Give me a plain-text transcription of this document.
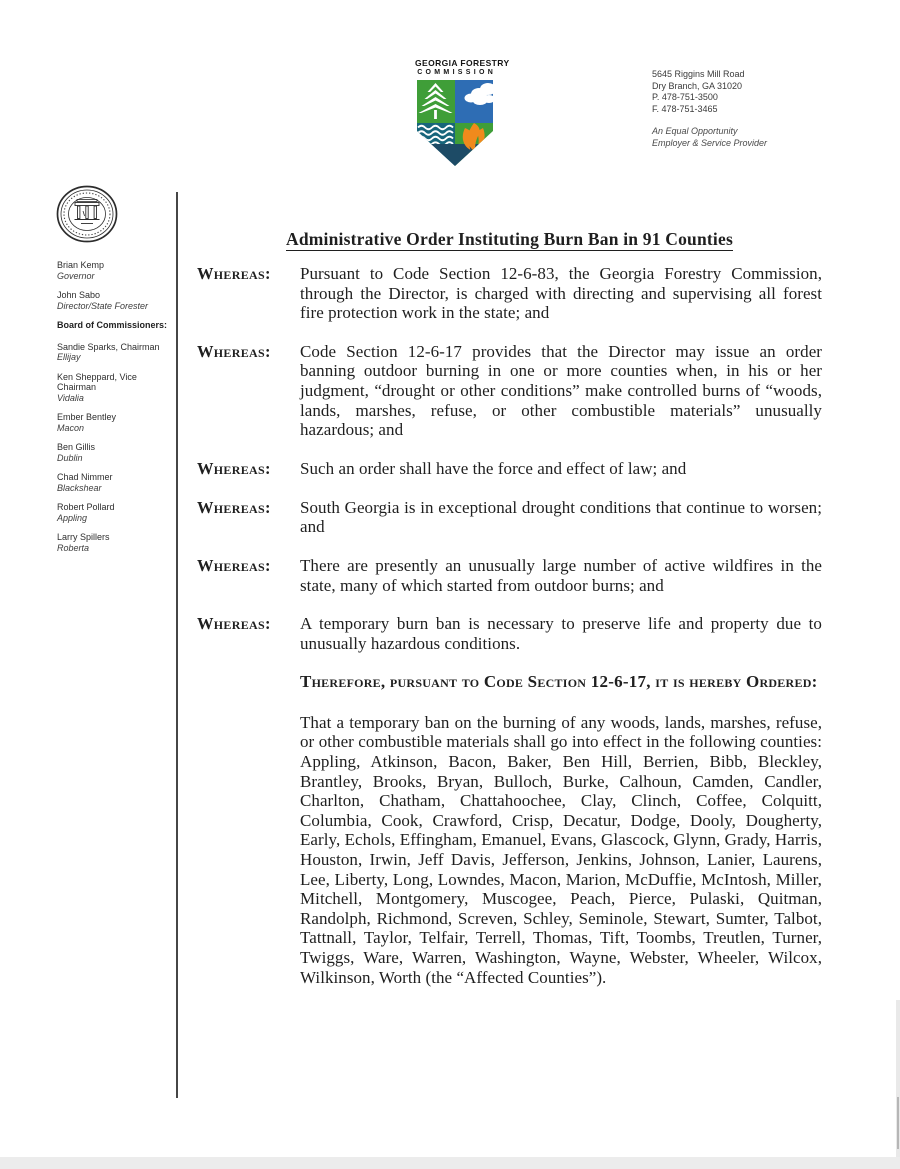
GEORGIA FORESTRY
COMMISSION	5645 Riggins Mill Road
Dry Branch, GA 31020
P. 478-751-3500
F. 478-751-3465
An Equal Opportunity
Employer & Service Provider
Brian Kemp
Governor
John Sabo
Director/State Forester
Board of Commissioners:
Sandie Sparks, Chairman
Ellijay
Ken Sheppard, Vice Chairman
Vidalia
Ember Bentley
Macon
Ben Gillis
Dublin
Chad Nimmer
Blackshear
Robert Pollard
Appling
Larry Spillers
Roberta
Administrative Order Instituting Burn Ban in 91 Counties
Whereas:	Pursuant to Code Section 12-6-83, the Georgia Forestry Commission, through the Director, is charged with directing and supervising all forest fire protection work in the state; and
Whereas:	Code Section 12-6-17 provides that the Director may issue an order banning outdoor burning in one or more counties when, in his or her judgment, “drought or other conditions” make controlled burns of “woods, lands, marshes, refuse, or other combustible materials” unusually hazardous; and
Whereas:	Such an order shall have the force and effect of law; and
Whereas:	South Georgia is in exceptional drought conditions that continue to worsen; and
Whereas:	There are presently an unusually large number of active wildfires in the state, many of which started from outdoor burns; and
Whereas:	A temporary burn ban is necessary to preserve life and property due to unusually hazardous conditions.
Therefore, pursuant to Code Section 12-6-17, it is hereby Ordered:
That a temporary ban on the burning of any woods, lands, marshes, refuse, or other combustible materials shall go into effect in the following counties: Appling, Atkinson, Bacon, Baker, Ben Hill, Berrien, Bibb, Bleckley, Brantley, Brooks, Bryan, Bulloch, Burke, Calhoun, Camden, Candler, Charlton, Chatham, Chattahoochee, Clay, Clinch, Coffee, Colquitt, Columbia, Cook, Crawford, Crisp, Decatur, Dodge, Dooly, Dougherty, Early, Echols, Effingham, Emanuel, Evans, Glascock, Glynn, Grady, Harris, Houston, Irwin, Jeff Davis, Jefferson, Jenkins, Johnson, Lanier, Laurens, Lee, Liberty, Long, Lowndes, Macon, Marion, McDuffie, McIntosh, Miller, Mitchell, Montgomery, Muscogee, Peach, Pierce, Pulaski, Quitman, Randolph, Richmond, Screven, Schley, Seminole, Stewart, Sumter, Talbot, Tattnall, Taylor, Telfair, Terrell, Thomas, Tift, Toombs, Treutlen, Turner, Twiggs, Ware, Warren, Washington, Wayne, Webster, Wheeler, Wilcox, Wilkinson, Worth (the “Affected Counties”).
